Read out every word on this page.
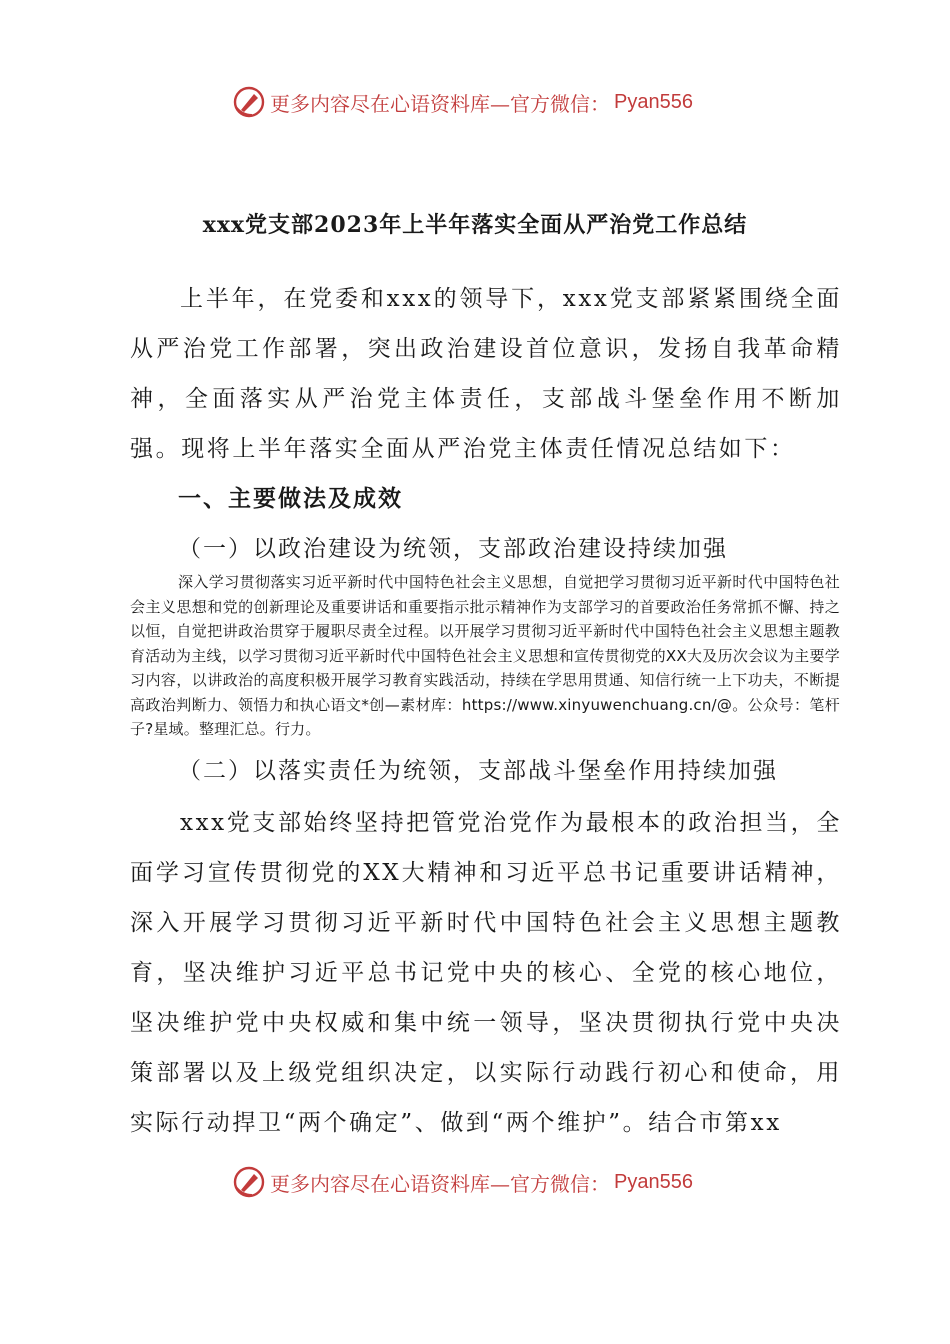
更多内容尽在心语资料库—官方微信： Pyan556
xxx党支部2023年上半年落实全面从严治党工作总结

上半年，在党委和xxx的领导下，xxx党支部紧紧围绕全面从严治党工作部署，突出政治建设首位意识，发扬自我革命精神，全面落实从严治党主体责任，支部战斗堡垒作用不断加强。现将上半年落实全面从严治党主体责任情况总结如下：

一、主要做法及成效

（一）以政治建设为统领，支部政治建设持续加强

深入学习贯彻落实习近平新时代中国特色社会主义思想，自觉把学习贯彻习近平新时代中国特色社会主义思想和党的创新理论及重要讲话和重要指示批示精神作为支部学习的首要政治任务常抓不懈、持之以恒，自觉把讲政治贯穿于履职尽责全过程。以开展学习贯彻习近平新时代中国特色社会主义思想主题教育活动为主线，以学习贯彻习近平新时代中国特色社会主义思想和宣传贯彻党的XX大及历次会议为主要学习内容，以讲政治的高度积极开展学习教育实践活动，持续在学思用贯通、知信行统一上下功夫，不断提高政治判断力、领悟力和执心语文*创—素材库：https://www.xinyuwenchuang.cn/@。公众号：笔杆子?星域。整理汇总。行力。

（二）以落实责任为统领，支部战斗堡垒作用持续加强

xxx党支部始终坚持把管党治党作为最根本的政治担当，全面学习宣传贯彻党的XX大精神和习近平总书记重要讲话精神，深入开展学习贯彻习近平新时代中国特色社会主义思想主题教育，坚决维护习近平总书记党中央的核心、全党的核心地位，坚决维护党中央权威和集中统一领导，坚决贯彻执行党中央决策部署以及上级党组织决定，以实际行动践行初心和使命，用实际行动捍卫“两个确定”、做到“两个维护”。结合市第xx

更多内容尽在心语资料库—官方微信： Pyan556
